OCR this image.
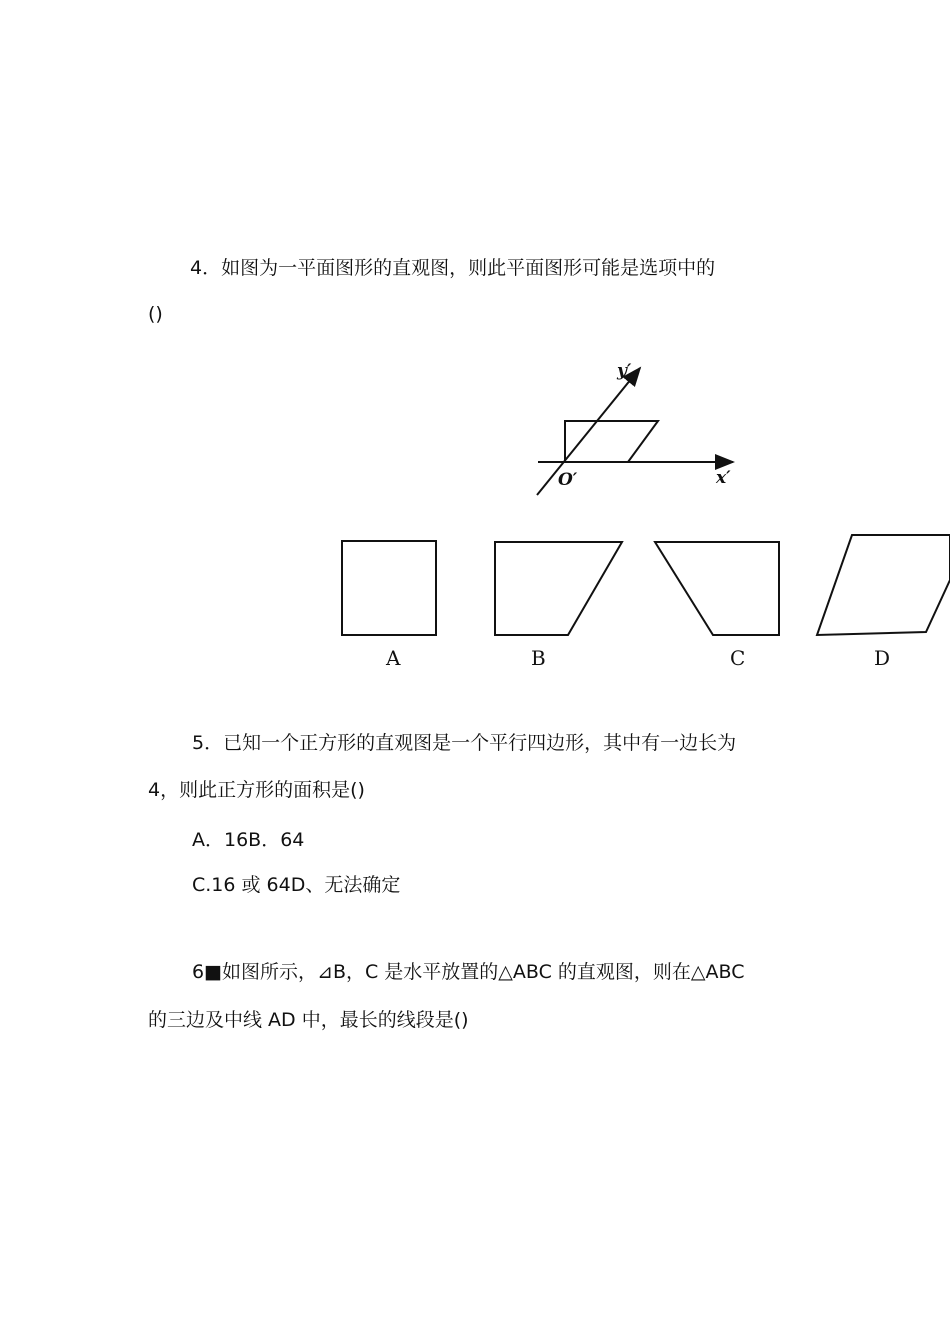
4．如图为一平面图形的直观图，则此平面图形可能是选项中的
()
y′
x′
O′
A	B	C	D
5．已知一个正方形的直观图是一个平行四边形，其中有一边长为
4，则此正方形的面积是()
A．16B．64
C.16 或 64D、无法确定
6■如图所示，⊿B，C 是水平放置的△ABC 的直观图，则在△ABC
的三边及中线 AD 中，最长的线段是()
